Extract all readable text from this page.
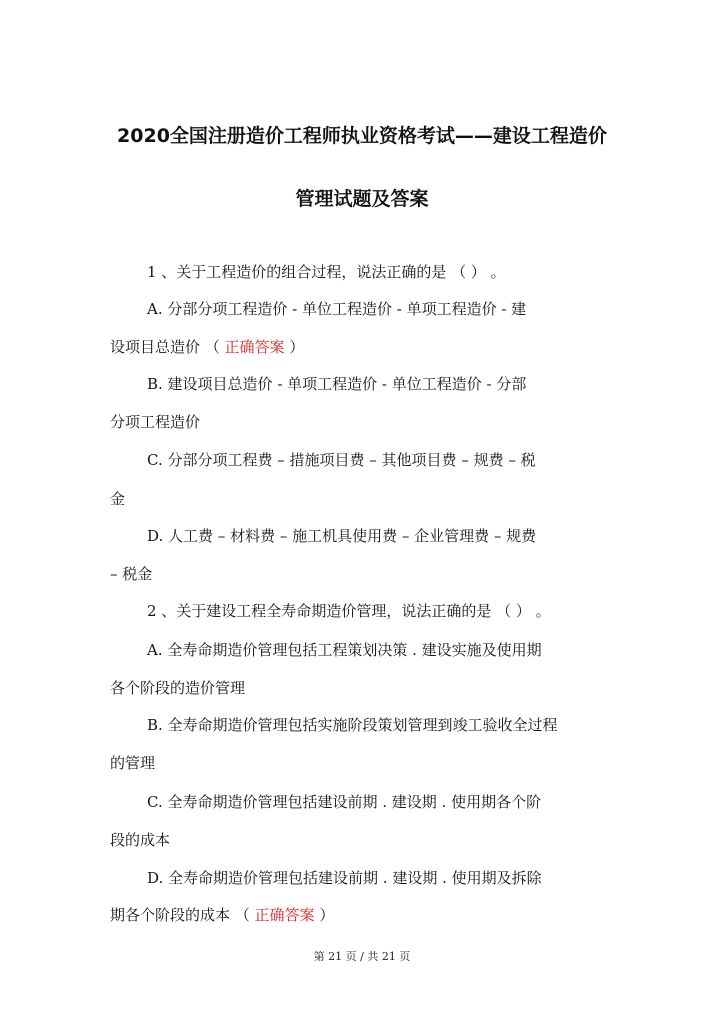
2020全国注册造价工程师执业资格考试——建设工程造价
管理试题及答案
1 、关于工程造价的组合过程，说法正确的是 （ ） 。
A. 分部分项工程造价 - 单位工程造价 - 单项工程造价 - 建
设项目总造价 （ 正确答案 ）
B. 建设项目总造价 - 单项工程造价 - 单位工程造价 - 分部
分项工程造价
C. 分部分项工程费 – 措施项目费 – 其他项目费 – 规费 – 税
金
D. 人工费 – 材料费 – 施工机具使用费 – 企业管理费 – 规费
– 税金
2 、关于建设工程全寿命期造价管理，说法正确的是 （ ） 。
A. 全寿命期造价管理包括工程策划决策 . 建设实施及使用期
各个阶段的造价管理
B. 全寿命期造价管理包括实施阶段策划管理到竣工验收全过程
的管理
C. 全寿命期造价管理包括建设前期 . 建设期 . 使用期各个阶
段的成本
D. 全寿命期造价管理包括建设前期 . 建设期 . 使用期及拆除
期各个阶段的成本 （ 正确答案 ）
第 21 页 / 共 21 页
